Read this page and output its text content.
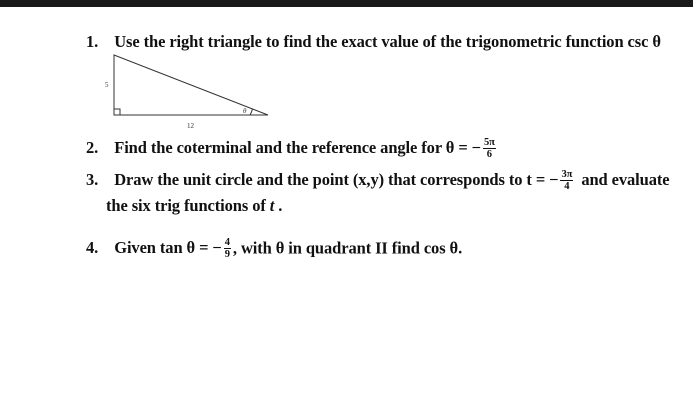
1. Use the right triangle to find the exact value of the trigonometric function csc θ
5
12
θ
2. Find the coterminal and the reference angle for θ = − $\frac{5\pi}{6}$
3. Draw the unit circle and the point (x,y) that corresponds to t = − $\frac{3\pi}{4}$ and evaluate
the six trig functions of t .
4. Given tan θ = − $\frac{4}{9}$ , with θ in quadrant II find cos θ.
